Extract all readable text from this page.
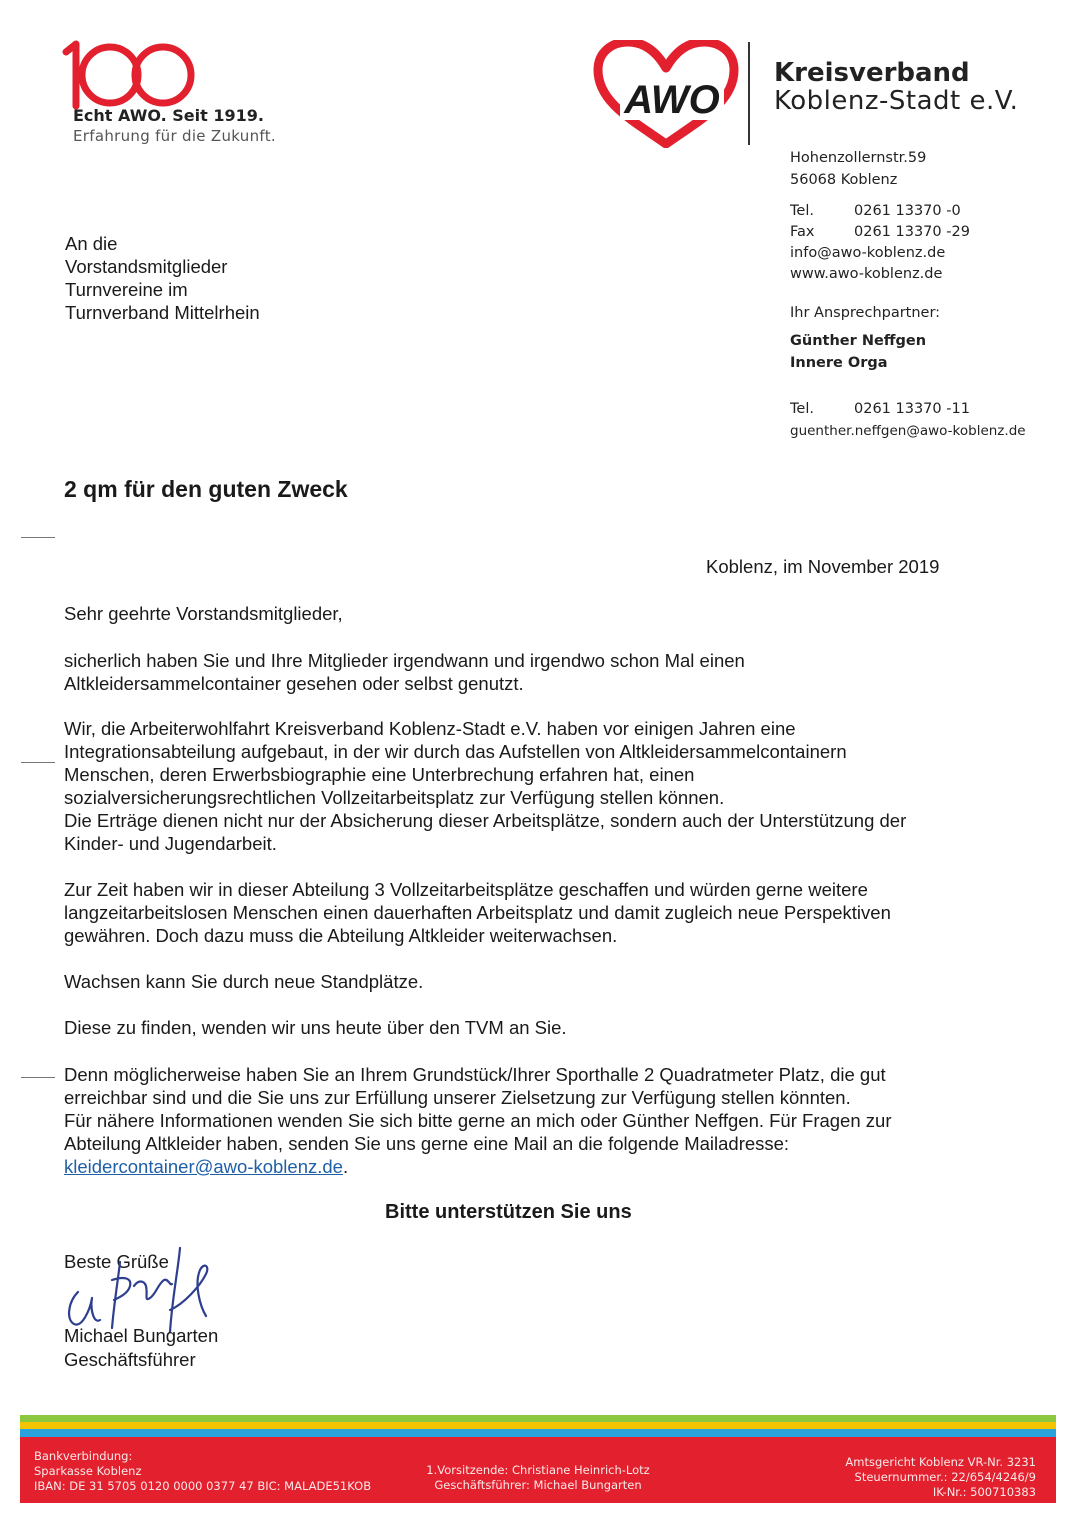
Echt AWO. Seit 1919.
Erfahrung für die Zukunft.
AWO
Kreisverband
Koblenz-Stadt e.V.
Hohenzollernstr.59
56068 Koblenz
Tel.	0261 13370 -0
Fax	0261 13370 -29
info@awo-koblenz.de
www.awo-koblenz.de
Ihr Ansprechpartner:
Günther Neffgen
Innere Orga
Tel.	0261 13370 -11
guenther.neffgen@awo-koblenz.de
An die
Vorstandsmitglieder
Turnvereine im
Turnverband Mittelrhein
2 qm für den guten Zweck
Koblenz, im November 2019
Sehr geehrte Vorstandsmitglieder,
sicherlich haben Sie und Ihre Mitglieder irgendwann und irgendwo schon Mal einen
Altkleidersammelcontainer gesehen oder selbst genutzt.
Wir, die Arbeiterwohlfahrt Kreisverband Koblenz-Stadt e.V. haben vor einigen Jahren eine
Integrationsabteilung aufgebaut, in der wir durch das Aufstellen von Altkleidersammelcontainern
Menschen, deren Erwerbsbiographie eine Unterbrechung erfahren hat, einen
sozialversicherungsrechtlichen Vollzeitarbeitsplatz zur Verfügung stellen können.
Die Erträge dienen nicht nur der Absicherung dieser Arbeitsplätze, sondern auch der Unterstützung der
Kinder- und Jugendarbeit.
Zur Zeit haben wir in dieser Abteilung 3 Vollzeitarbeitsplätze geschaffen und würden gerne weitere
langzeitarbeitslosen Menschen einen dauerhaften Arbeitsplatz und damit zugleich neue Perspektiven
gewähren. Doch dazu muss die Abteilung Altkleider weiterwachsen.
Wachsen kann Sie durch neue Standplätze.
Diese zu finden, wenden wir uns heute über den TVM an Sie.
Denn möglicherweise haben Sie an Ihrem Grundstück/Ihrer Sporthalle 2 Quadratmeter Platz, die gut
erreichbar sind und die Sie uns zur Erfüllung unserer Zielsetzung zur Verfügung stellen könnten.
Für nähere Informationen wenden Sie sich bitte gerne an mich oder Günther Neffgen. Für Fragen zur
Abteilung Altkleider haben, senden Sie uns gerne eine Mail an die folgende Mailadresse:
kleidercontainer@awo-koblenz.de.
Bitte unterstützen Sie uns
Beste Grüße
Michael Bungarten
Geschäftsführer
Bankverbindung:
Sparkasse Koblenz
IBAN: DE 31 5705 0120 0000 0377 47 BIC: MALADE51KOB
1.Vorsitzende: Christiane Heinrich-Lotz
Geschäftsführer: Michael Bungarten
Amtsgericht Koblenz VR-Nr. 3231
Steuernummer.: 22/654/4246/9
IK-Nr.: 500710383
